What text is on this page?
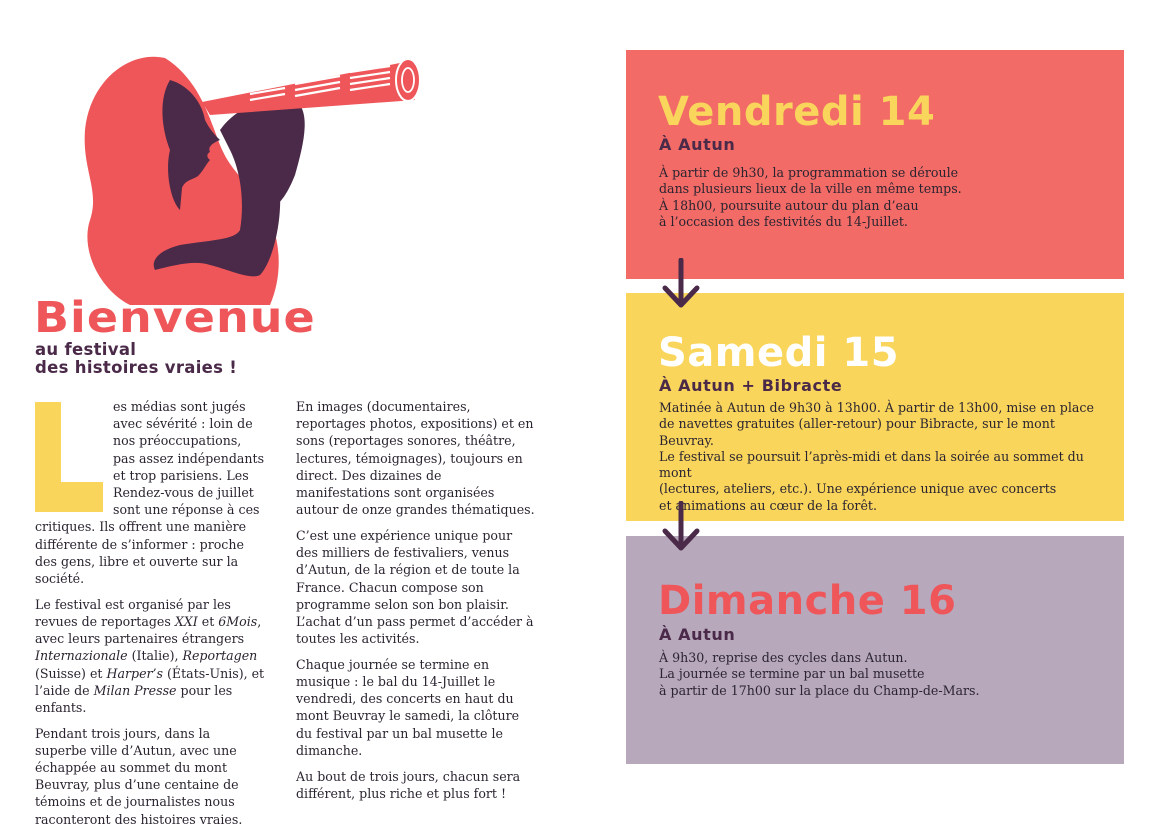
Bienvenue
au festival
des histoires vraies !

es médias sont jugés avec sévérité : loin de nos préoccupations, pas assez indépendants et trop parisiens. Les Rendez-vous de juillet sont une réponse à ces critiques. Ils offrent une manière différente de s’informer : proche des gens, libre et ouverte sur la société.

Le festival est organisé par les revues de reportages XXI et 6Mois, avec leurs partenaires étrangers Internazionale (Italie), Reportagen (Suisse) et Harper’s (États-Unis), et l’aide de Milan Presse pour les enfants.

Pendant trois jours, dans la superbe ville d’Autun, avec une échappée au sommet du mont Beuvray, plus d’une centaine de témoins et de journalistes nous raconteront des histoires vraies.

En images (documentaires, reportages photos, expositions) et en sons (reportages sonores, théâtre, lectures, témoignages), toujours en direct. Des dizaines de manifestations sont organisées autour de onze grandes thématiques.

C’est une expérience unique pour des milliers de festivaliers, venus d’Autun, de la région et de toute la France. Chacun compose son programme selon son bon plaisir. L’achat d’un pass permet d’accéder à toutes les activités.

Chaque journée se termine en musique : le bal du 14-Juillet le vendredi, des concerts en haut du mont Beuvray le samedi, la clôture du festival par un bal musette le dimanche.

Au bout de trois jours, chacun sera différent, plus riche et plus fort !

Vendredi 14
À Autun

À partir de 9h30, la programmation se déroule
dans plusieurs lieux de la ville en même temps.
À 18h00, poursuite autour du plan d’eau
à l’occasion des festivités du 14-Juillet.

Samedi 15
À Autun + Bibracte

Matinée à Autun de 9h30 à 13h00. À partir de 13h00, mise en place
de navettes gratuites (aller-retour) pour Bibracte, sur le mont Beuvray.
Le festival se poursuit l’après-midi et dans la soirée au sommet du mont
(lectures, ateliers, etc.). Une expérience unique avec concerts
et animations au cœur de la forêt.

Dimanche 16
À Autun

À 9h30, reprise des cycles dans Autun.
La journée se termine par un bal musette
à partir de 17h00 sur la place du Champ-de-Mars.
